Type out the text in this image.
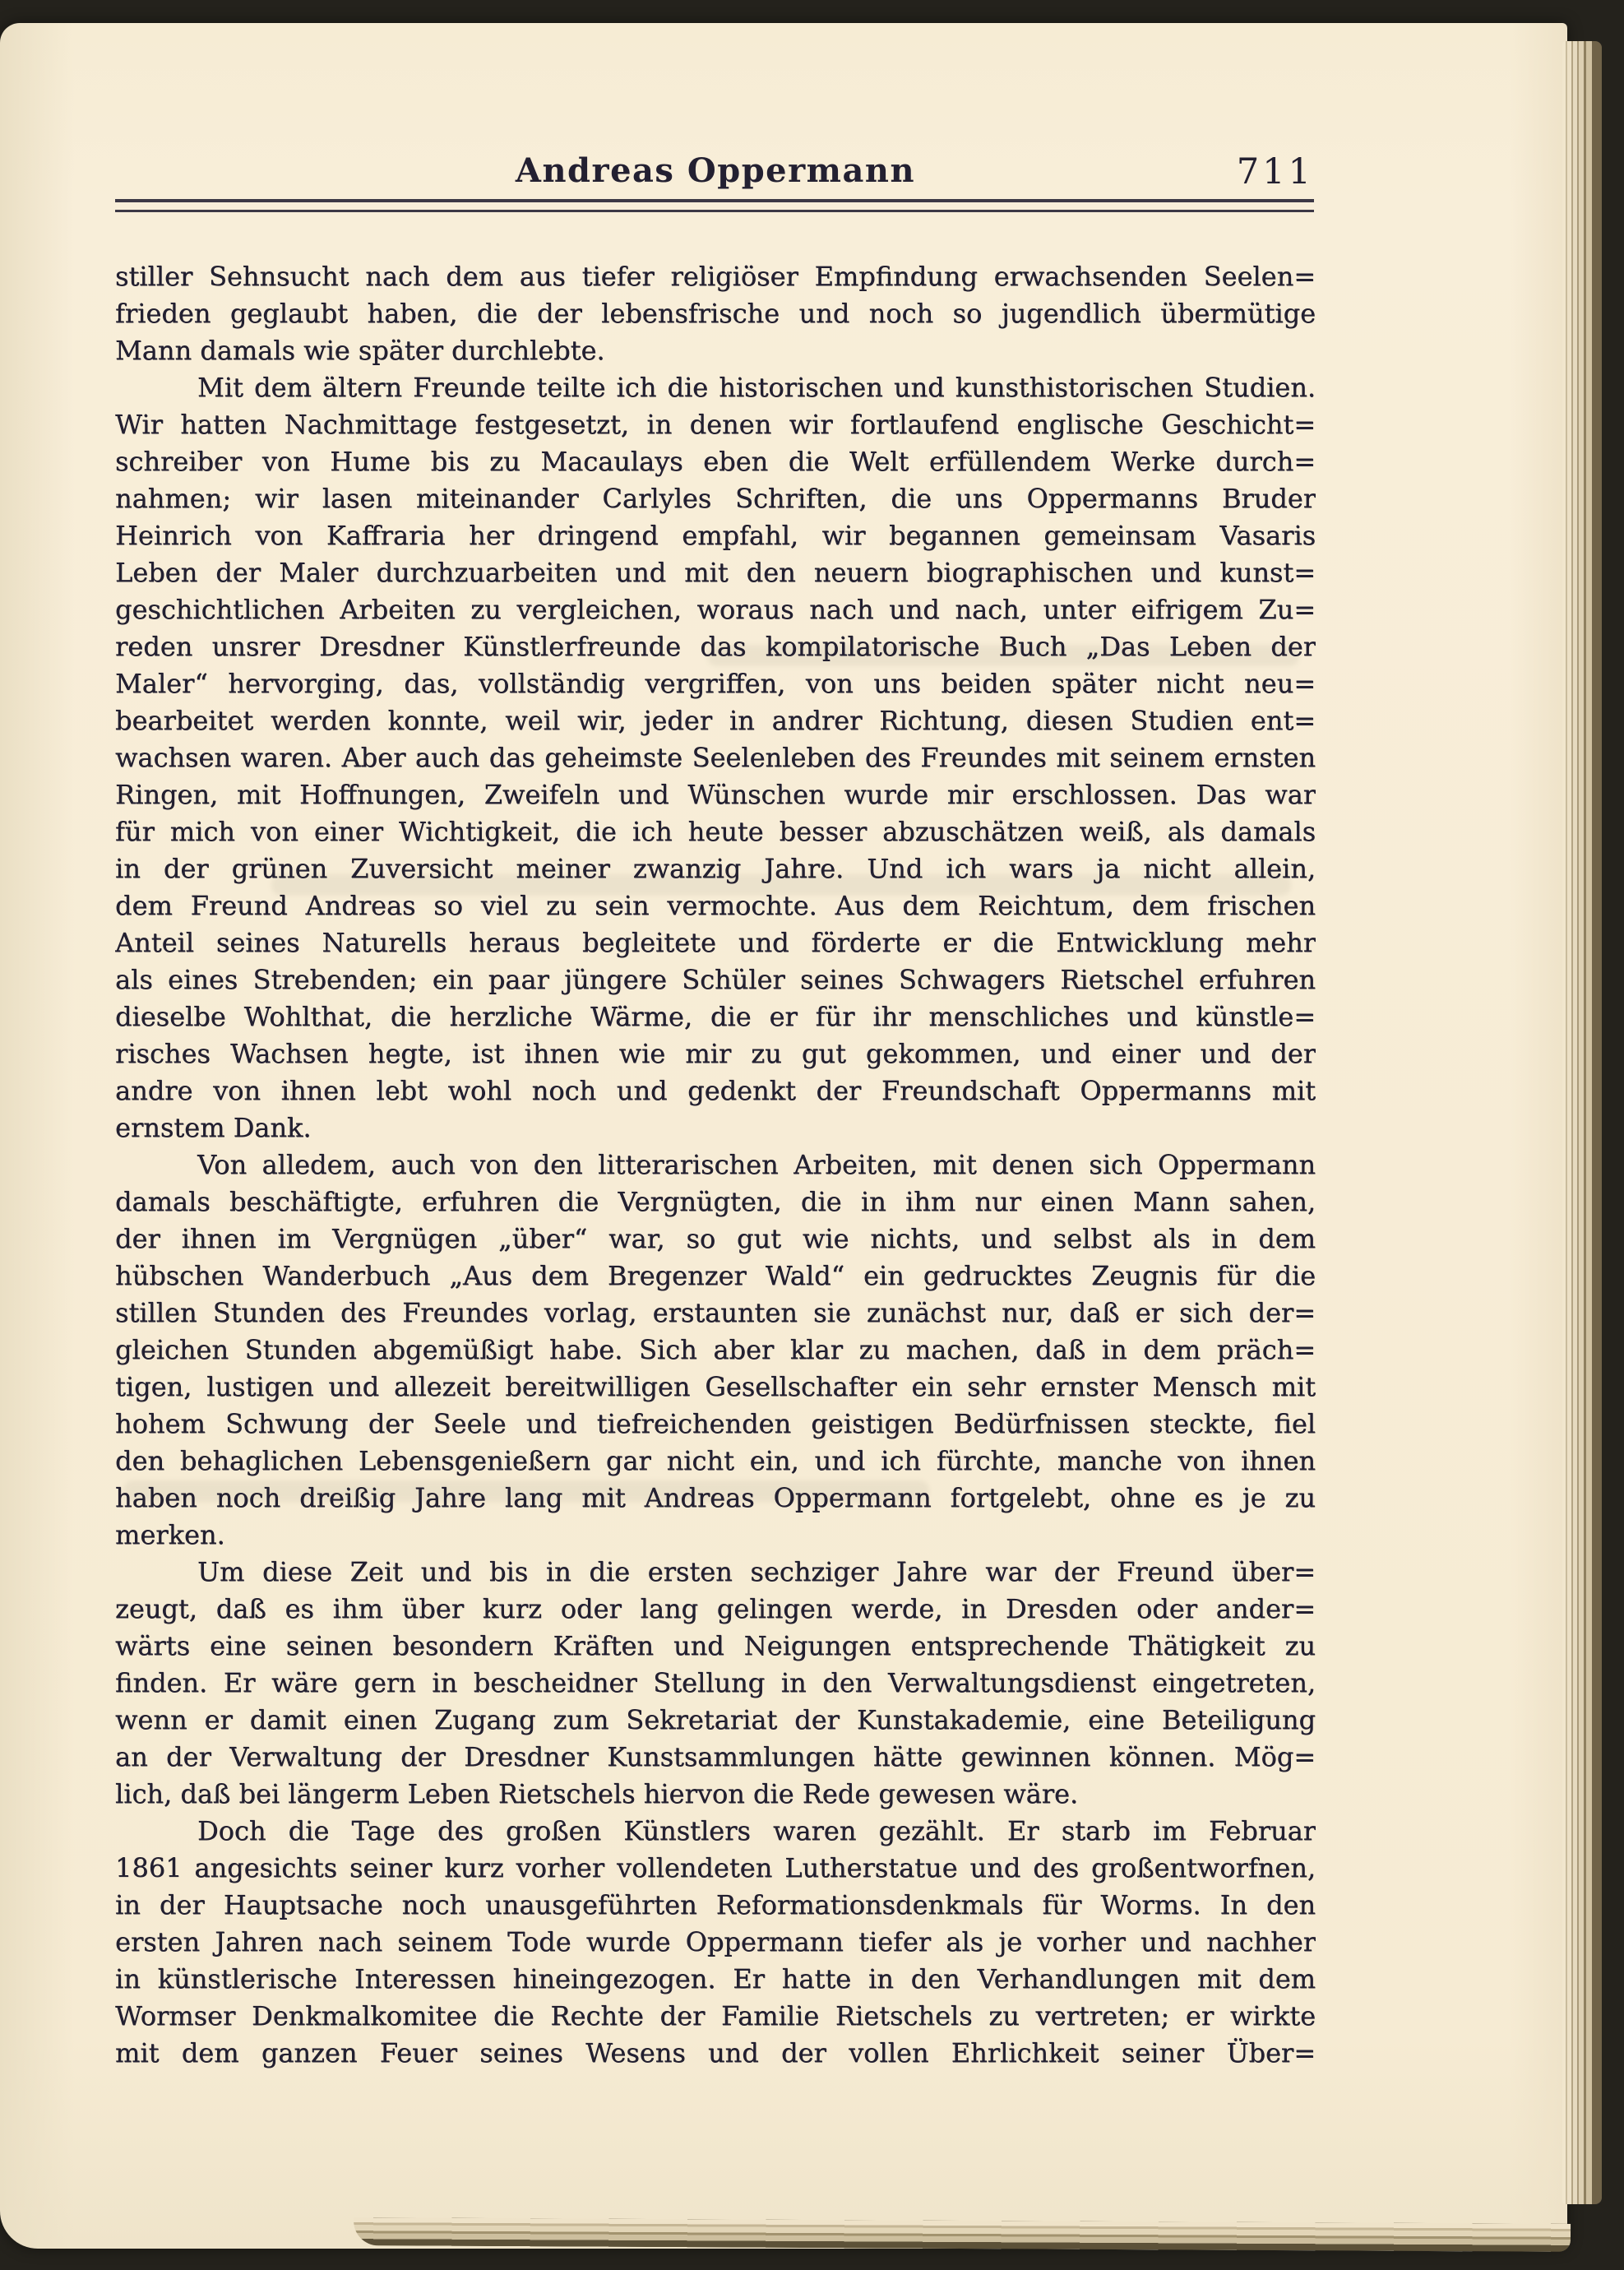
Andreas Oppermann	711
stiller Sehnsucht nach dem aus tiefer religiöser Empfindung erwachsenden Seelen=
frieden geglaubt haben, die der lebensfrische und noch so jugendlich übermütige
Mann damals wie später durchlebte.
Mit dem ältern Freunde teilte ich die historischen und kunsthistorischen Studien.
Wir hatten Nachmittage festgesetzt, in denen wir fortlaufend englische Geschicht=
schreiber von Hume bis zu Macaulays eben die Welt erfüllendem Werke durch=
nahmen; wir lasen miteinander Carlyles Schriften, die uns Oppermanns Bruder
Heinrich von Kaffraria her dringend empfahl, wir begannen gemeinsam Vasaris
Leben der Maler durchzuarbeiten und mit den neuern biographischen und kunst=
geschichtlichen Arbeiten zu vergleichen, woraus nach und nach, unter eifrigem Zu=
reden unsrer Dresdner Künstlerfreunde das kompilatorische Buch „Das Leben der
Maler“ hervorging, das, vollständig vergriffen, von uns beiden später nicht neu=
bearbeitet werden konnte, weil wir, jeder in andrer Richtung, diesen Studien ent=
wachsen waren. Aber auch das geheimste Seelenleben des Freundes mit seinem ernsten
Ringen, mit Hoffnungen, Zweifeln und Wünschen wurde mir erschlossen. Das war
für mich von einer Wichtigkeit, die ich heute besser abzuschätzen weiß, als damals
in der grünen Zuversicht meiner zwanzig Jahre. Und ich wars ja nicht allein,
dem Freund Andreas so viel zu sein vermochte. Aus dem Reichtum, dem frischen
Anteil seines Naturells heraus begleitete und förderte er die Entwicklung mehr
als eines Strebenden; ein paar jüngere Schüler seines Schwagers Rietschel erfuhren
dieselbe Wohlthat, die herzliche Wärme, die er für ihr menschliches und künstle=
risches Wachsen hegte, ist ihnen wie mir zu gut gekommen, und einer und der
andre von ihnen lebt wohl noch und gedenkt der Freundschaft Oppermanns mit
ernstem Dank.
Von alledem, auch von den litterarischen Arbeiten, mit denen sich Oppermann
damals beschäftigte, erfuhren die Vergnügten, die in ihm nur einen Mann sahen,
der ihnen im Vergnügen „über“ war, so gut wie nichts, und selbst als in dem
hübschen Wanderbuch „Aus dem Bregenzer Wald“ ein gedrucktes Zeugnis für die
stillen Stunden des Freundes vorlag, erstaunten sie zunächst nur, daß er sich der=
gleichen Stunden abgemüßigt habe. Sich aber klar zu machen, daß in dem präch=
tigen, lustigen und allezeit bereitwilligen Gesellschafter ein sehr ernster Mensch mit
hohem Schwung der Seele und tiefreichenden geistigen Bedürfnissen steckte, fiel
den behaglichen Lebensgenießern gar nicht ein, und ich fürchte, manche von ihnen
haben noch dreißig Jahre lang mit Andreas Oppermann fortgelebt, ohne es je zu
merken.
Um diese Zeit und bis in die ersten sechziger Jahre war der Freund über=
zeugt, daß es ihm über kurz oder lang gelingen werde, in Dresden oder ander=
wärts eine seinen besondern Kräften und Neigungen entsprechende Thätigkeit zu
finden. Er wäre gern in bescheidner Stellung in den Verwaltungsdienst eingetreten,
wenn er damit einen Zugang zum Sekretariat der Kunstakademie, eine Beteiligung
an der Verwaltung der Dresdner Kunstsammlungen hätte gewinnen können. Mög=
lich, daß bei längerm Leben Rietschels hiervon die Rede gewesen wäre.
Doch die Tage des großen Künstlers waren gezählt. Er starb im Februar
1861 angesichts seiner kurz vorher vollendeten Lutherstatue und des großentworfnen,
in der Hauptsache noch unausgeführten Reformationsdenkmals für Worms. In den
ersten Jahren nach seinem Tode wurde Oppermann tiefer als je vorher und nachher
in künstlerische Interessen hineingezogen. Er hatte in den Verhandlungen mit dem
Wormser Denkmalkomitee die Rechte der Familie Rietschels zu vertreten; er wirkte
mit dem ganzen Feuer seines Wesens und der vollen Ehrlichkeit seiner Über=
